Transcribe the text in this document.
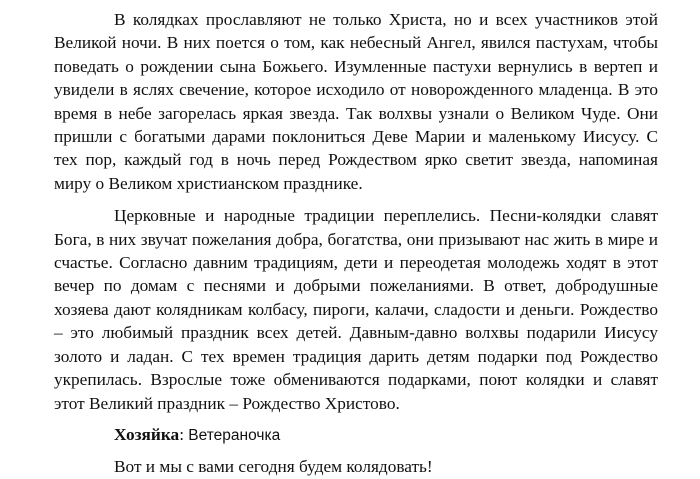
В колядках прославляют не только Христа, но и всех участников этой Великой ночи. В них поется о том, как небесный Ангел, явился пастухам, чтобы поведать о рождении сына Божьего. Изумленные пастухи вернулись в вертеп и увидели в яслях свечение, которое исходило от новорожденного младенца. В это время в небе загорелась яркая звезда. Так волхвы узнали о Великом Чуде. Они пришли с богатыми дарами поклониться Деве Марии и маленькому Иисусу. С тех пор, каждый год в ночь перед Рождеством ярко светит звезда, напоминая миру о Великом христианском празднике.

Церковные и народные традиции переплелись. Песни-колядки славят Бога, в них звучат пожелания добра, богатства, они призывают нас жить в мире и счастье. Согласно давним традициям, дети и переодетая молодежь ходят в этот вечер по домам с песнями и добрыми пожеланиями. В ответ, добродушные хозяева дают колядникам колбасу, пироги, калачи, сладости и деньги. Рождество – это любимый праздник всех детей. Давным-давно волхвы подарили Иисусу золото и ладан. С тех времен традиция дарить детям подарки под Рождество укрепилась. Взрослые тоже обмениваются подарками, поют колядки и славят этот Великий праздник – Рождество Христово.

Хозяйка: Ветераночка

Вот и мы с вами сегодня будем колядовать!
